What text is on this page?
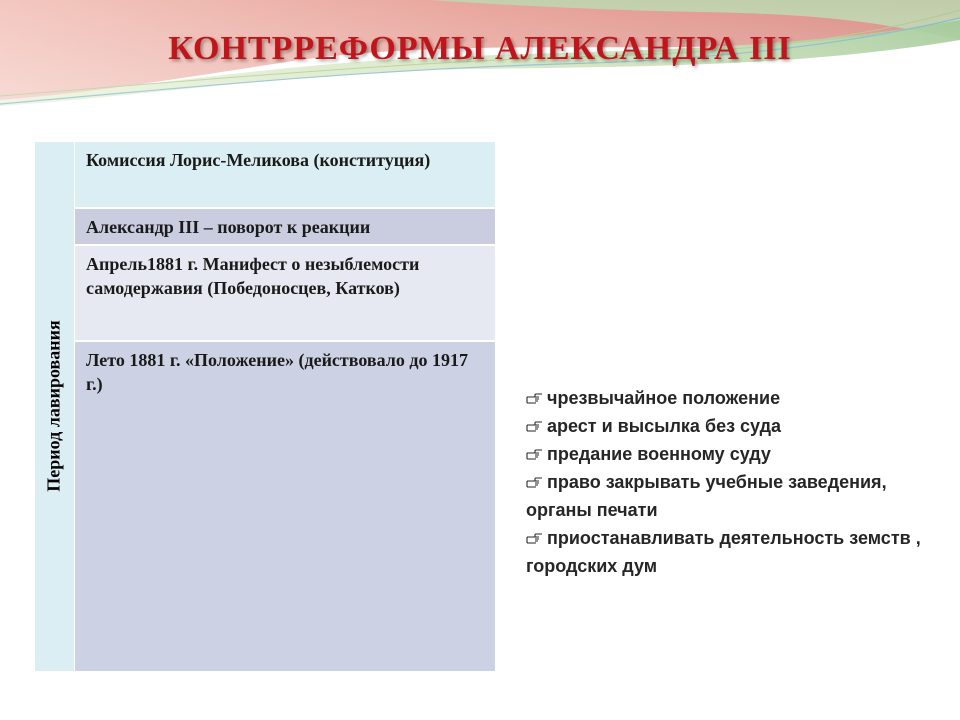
КОНТРРЕФОРМЫ АЛЕКСАНДРА III
Период лавирования
Комиссия Лорис-Меликова (конституция)
Александр III – поворот к реакции
Апрель1881 г. Манифест о незыблемости самодержавия (Победоносцев, Катков)
Лето 1881 г. «Положение» (действовало до 1917 г.)

чрезвычайное положение

арест и высылка без суда

предание военному суду

право закрывать учебные заведения, органы печати

приостанавливать деятельность земств , городских дум
